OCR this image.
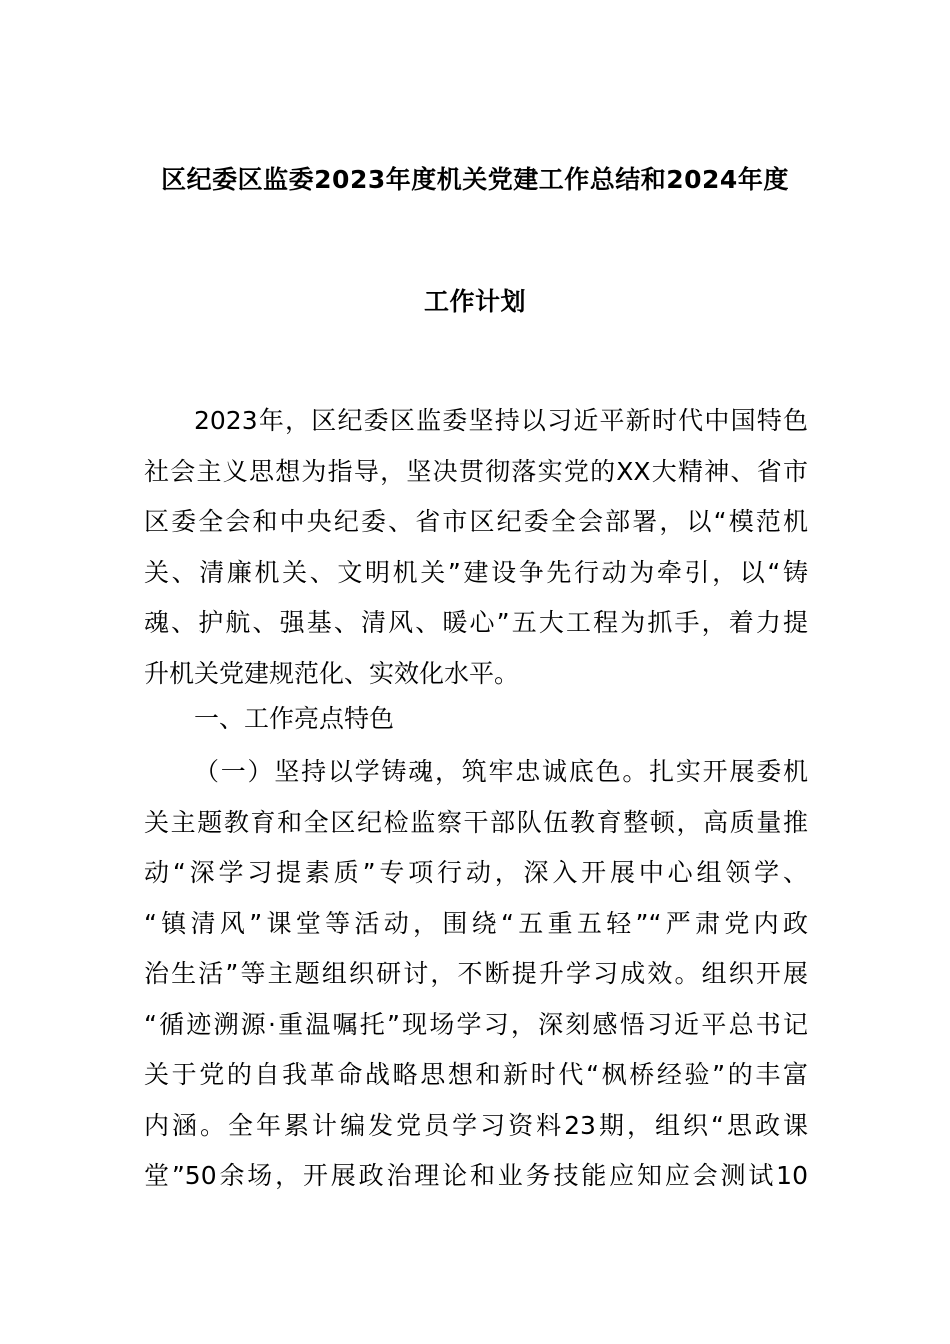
区纪委区监委2023年度机关党建工作总结和2024年度
工作计划
2023年，区纪委区监委坚持以习近平新时代中国特色
社会主义思想为指导，坚决贯彻落实党的XX大精神、省市
区委全会和中央纪委、省市区纪委全会部署，以“模范机
关、清廉机关、文明机关”建设争先行动为牵引，以“铸
魂、护航、强基、清风、暖心”五大工程为抓手，着力提
升机关党建规范化、实效化水平。
一、工作亮点特色
（一）坚持以学铸魂，筑牢忠诚底色。扎实开展委机
关主题教育和全区纪检监察干部队伍教育整顿，高质量推
动“深学习提素质”专项行动，深入开展中心组领学、
“镇清风”课堂等活动，围绕“五重五轻”“严肃党内政
治生活”等主题组织研讨，不断提升学习成效。组织开展
“循迹溯源·重温嘱托”现场学习，深刻感悟习近平总书记
关于党的自我革命战略思想和新时代“枫桥经验”的丰富
内涵。全年累计编发党员学习资料23期，组织“思政课
堂”50余场，开展政治理论和业务技能应知应会测试10
